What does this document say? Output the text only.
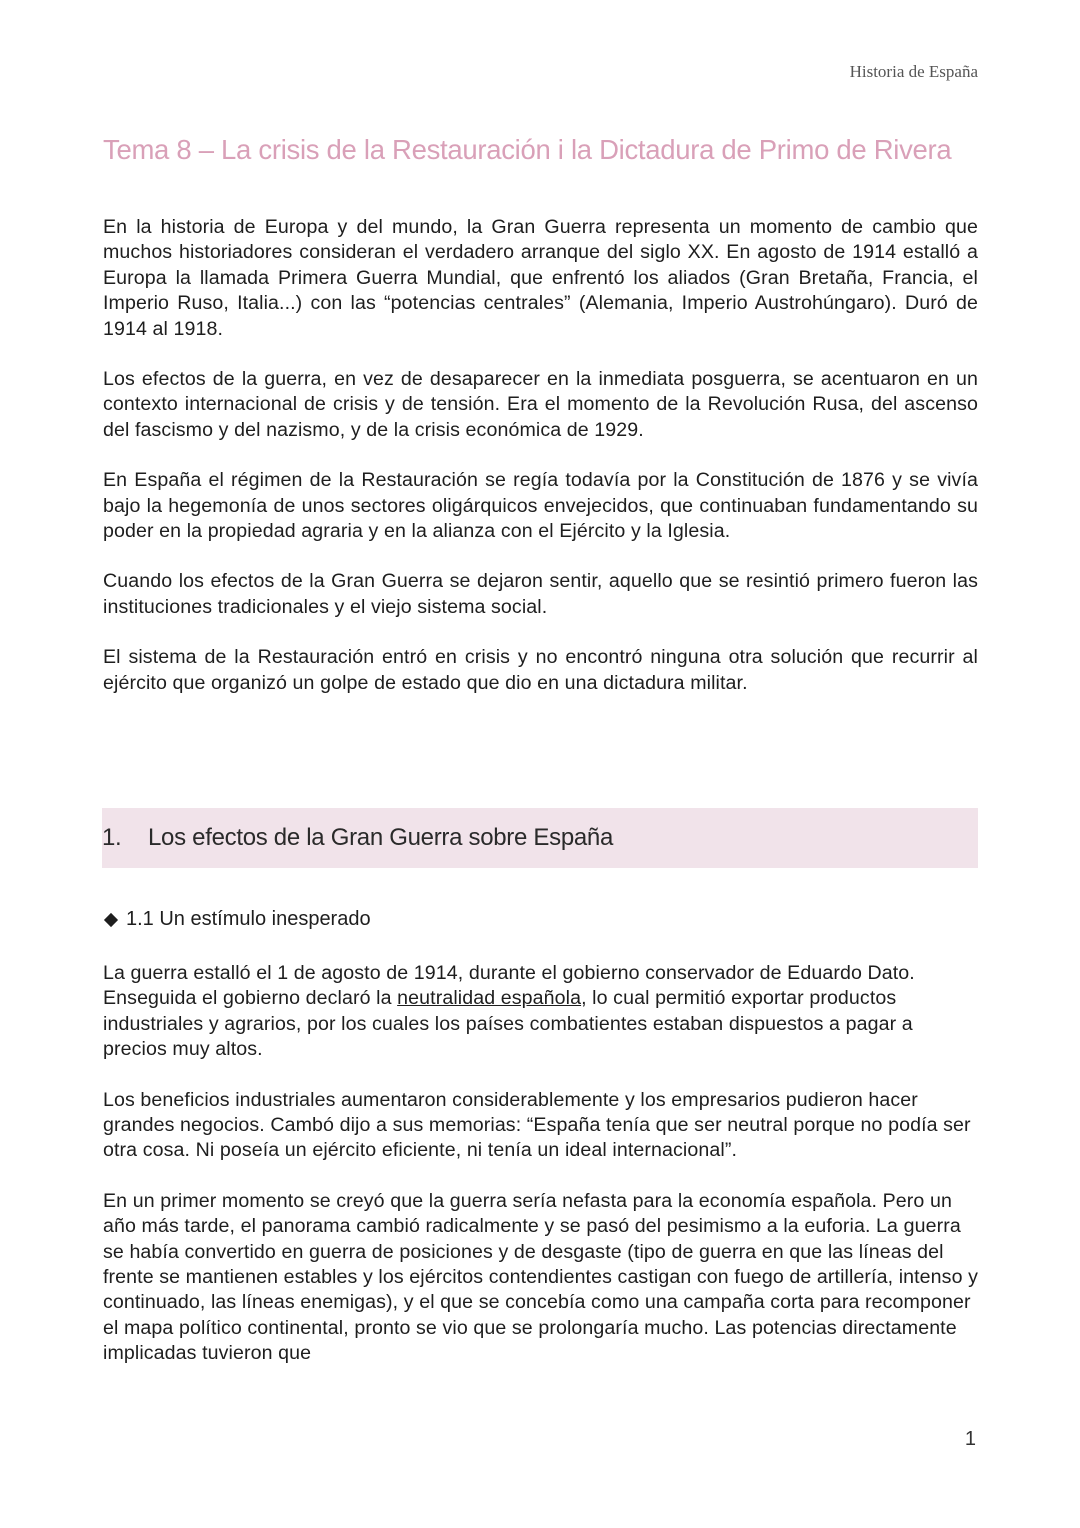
Historia de España
Tema 8 – La crisis de la Restauración i la Dictadura de Primo de Rivera

En la historia de Europa y del mundo, la Gran Guerra representa un momento de cambio que muchos historiadores consideran el verdadero arranque del siglo XX. En agosto de 1914 estalló a Europa la llamada Primera Guerra Mundial, que enfrentó los aliados (Gran Bretaña, Francia, el Imperio Ruso, Italia...) con las “potencias centrales” (Alemania, Imperio Austrohúngaro). Duró de 1914 al 1918.

Los efectos de la guerra, en vez de desaparecer en la inmediata posguerra, se acentuaron en un contexto internacional de crisis y de tensión. Era el momento de la Revolución Rusa, del ascenso del fascismo y del nazismo, y de la crisis económica de 1929.

En España el régimen de la Restauración se regía todavía por la Constitución de 1876 y se vivía bajo la hegemonía de unos sectores oligárquicos envejecidos, que continuaban fundamentando su poder en la propiedad agraria y en la alianza con el Ejército y la Iglesia.

Cuando los efectos de la Gran Guerra se dejaron sentir, aquello que se resintió primero fueron las instituciones tradicionales y el viejo sistema social.

El sistema de la Restauración entró en crisis y no encontró ninguna otra solución que recurrir al ejército que organizó un golpe de estado que dio en una dictadura militar.

1.	Los efectos de la Gran Guerra sobre España
1.1 Un estímulo inesperado

La guerra estalló el 1 de agosto de 1914, durante el gobierno conservador de Eduardo Dato. Enseguida el gobierno declaró la neutralidad española, lo cual permitió exportar productos industriales y agrarios, por los cuales los países combatientes estaban dispuestos a pagar a precios muy altos.

Los beneficios industriales aumentaron considerablemente y los empresarios pudieron hacer grandes negocios. Cambó dijo a sus memorias: “España tenía que ser neutral porque no podía ser otra cosa. Ni poseía un ejército eficiente, ni tenía un ideal internacional”.

En un primer momento se creyó que la guerra sería nefasta para la economía española. Pero un año más tarde, el panorama cambió radicalmente y se pasó del pesimismo a la euforia. La guerra se había convertido en guerra de posiciones y de desgaste (tipo de guerra en que las líneas del frente se mantienen estables y los ejércitos contendientes castigan con fuego de artillería, intenso y continuado, las líneas enemigas), y el que se concebía como una campaña corta para recomponer el mapa político continental, pronto se vio que se prolongaría mucho. Las potencias directamente implicadas tuvieron que

1
